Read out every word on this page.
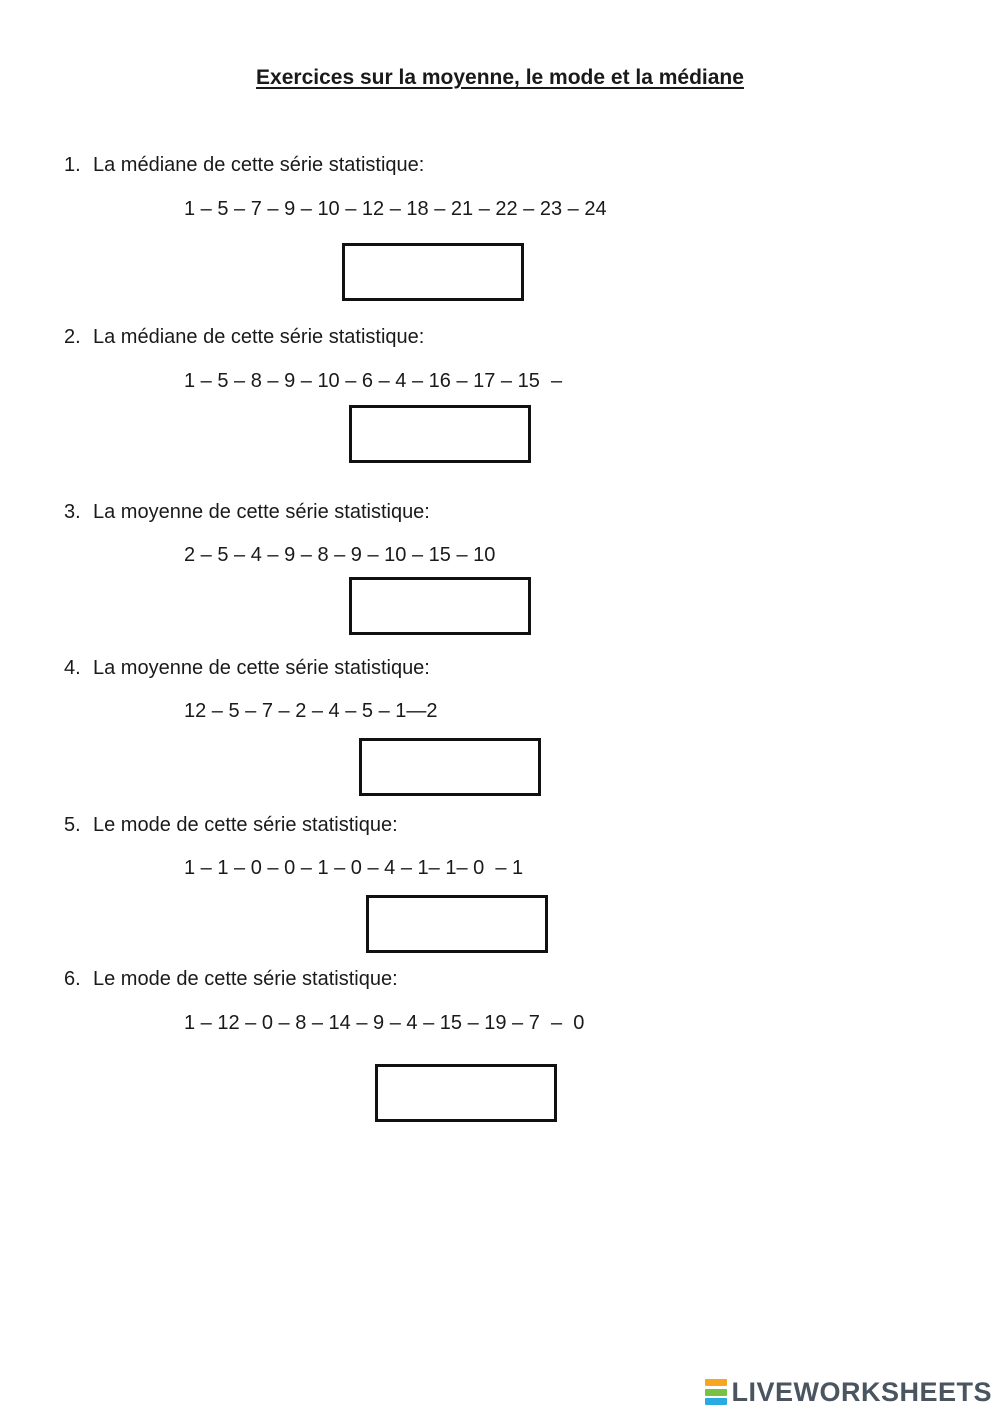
Exercices sur la moyenne, le mode et la médiane
1. La médiane de cette série statistique:
1 – 5 – 7 – 9 – 10 – 12 – 18 – 21 – 22 – 23 – 24
2. La médiane de cette série statistique:
1 – 5 – 8 – 9 – 10 – 6 – 4 – 16 – 17 – 15  –
3. La moyenne de cette série statistique:
2 – 5 – 4 – 9 – 8 – 9 – 10 – 15 – 10
4. La moyenne de cette série statistique:
12 – 5 – 7 – 2 – 4 – 5 – 1—2
5. Le mode de cette série statistique:
1 – 1 – 0 – 0 – 1 – 0 – 4 – 1– 1– 0  – 1
6. Le mode de cette série statistique:
1 – 12 – 0 – 8 – 14 – 9 – 4 – 15 – 19 – 7  –  0
LIVEWORKSHEETS
